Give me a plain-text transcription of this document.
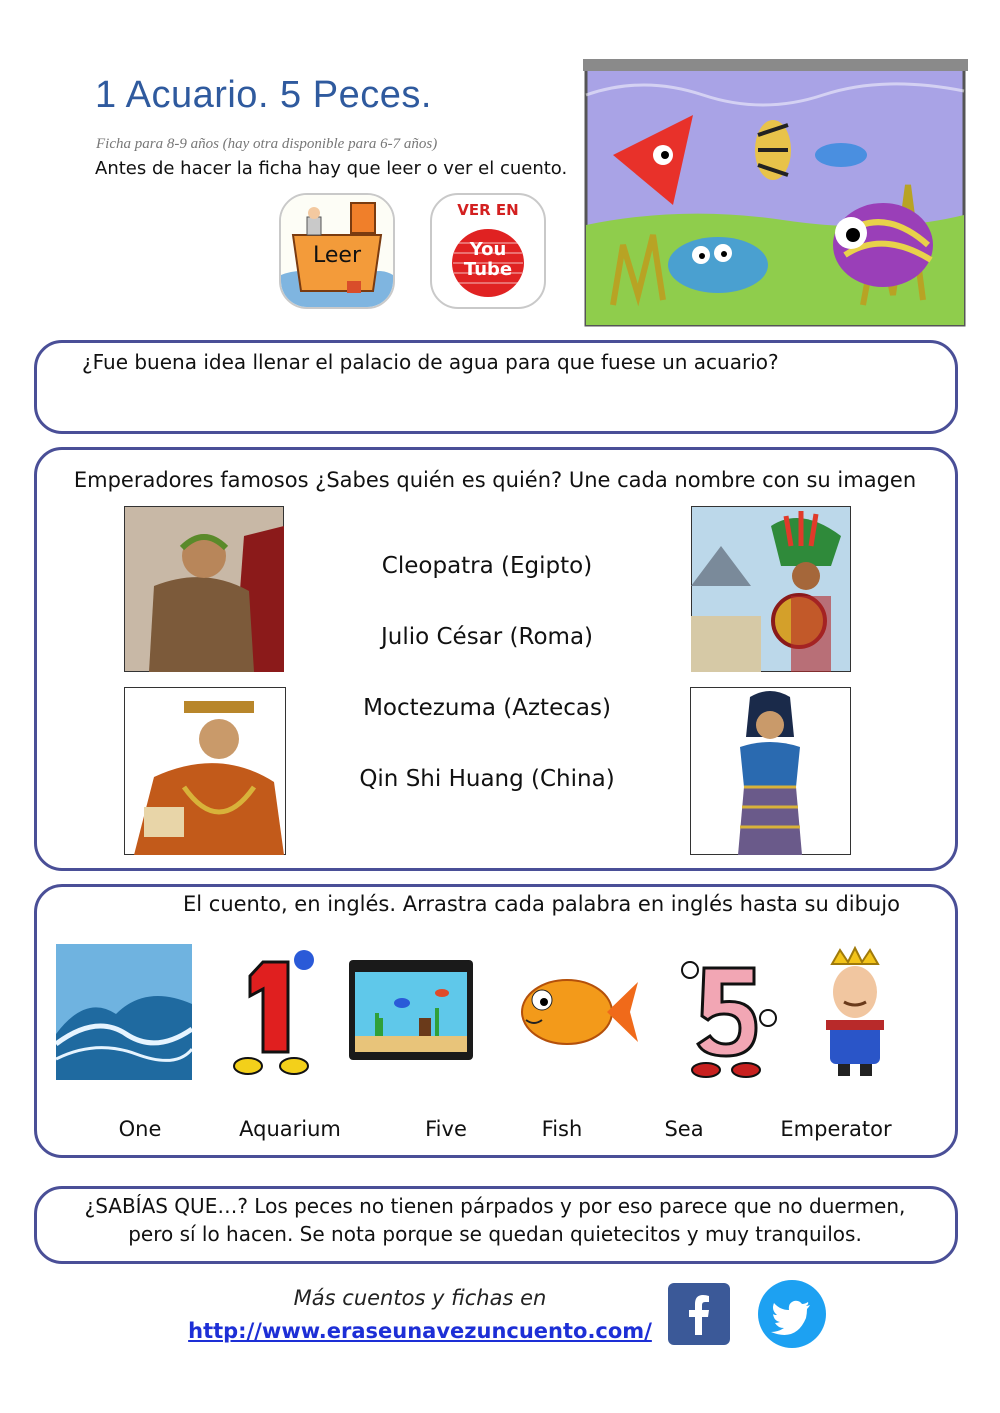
1 Acuario. 5 Peces.
Ficha para 8-9 años (hay otra disponible para 6-7 años)
Antes de hacer la ficha hay que leer o ver el cuento.
Leer
VER EN
You
Tube
¿Fue buena idea llenar el palacio de agua para que fuese un acuario?
Emperadores famosos ¿Sabes quién es quién? Une cada nombre con su imagen
Cleopatra (Egipto)
Julio César (Roma)
Moctezuma (Aztecas)
Qin Shi Huang (China)
El cuento, en inglés. Arrastra cada palabra en inglés hasta su dibujo
One	Aquarium	Five	Fish	Sea	Emperator
¿SABÍAS QUE…? Los peces no tienen párpados y por eso parece que no duermen,
pero sí lo hacen. Se nota porque se quedan quietecitos y muy tranquilos.
Más cuentos y fichas en
http://www.eraseunavezuncuento.com/
